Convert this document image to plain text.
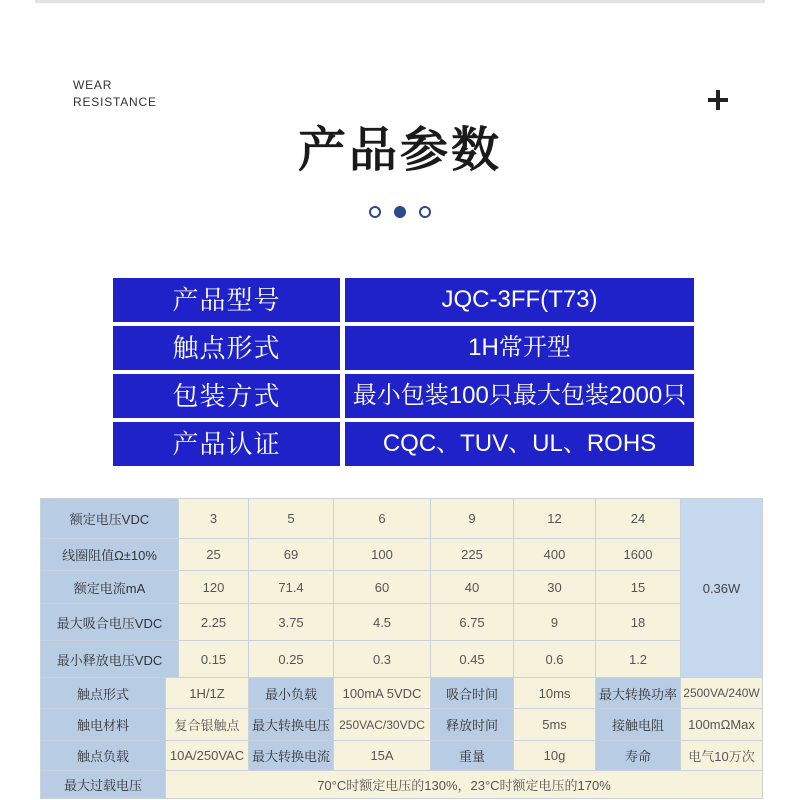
WEAR
RESISTANCE
产品参数
产品型号	JQC-3FF(T73)
触点形式	1H常开型
包装方式	最小包装100只最大包装2000只
产品认证	CQC、TUV、UL、ROHS
额定电压VDC		3	5	6	9	12	24	0.36W
线圈阻值Ω±10%		25	69	100	225	400	1600	
额定电流mA		120	71.4	60	40	30	15	
最大吸合电压VDC		2.25	3.75	4.5	6.75	9	18	
最小释放电压VDC		0.15	0.25	0.3	0.45	0.6	1.2	
触点形式	1H/1Z		最小负载	100mA 5VDC	吸合时间	10ms	最大转换功率	2500VA/240W
触电材料	复合银触点		最大转换电压	250VAC/30VDC	释放时间	5ms	接触电阻	100mΩMax
触点负载	10A/250VAC		最大转换电流	15A	重量	10g	寿命	电气10万次
最大过载电压	70°C时额定电压的130%，23°C时额定电压的170%							
